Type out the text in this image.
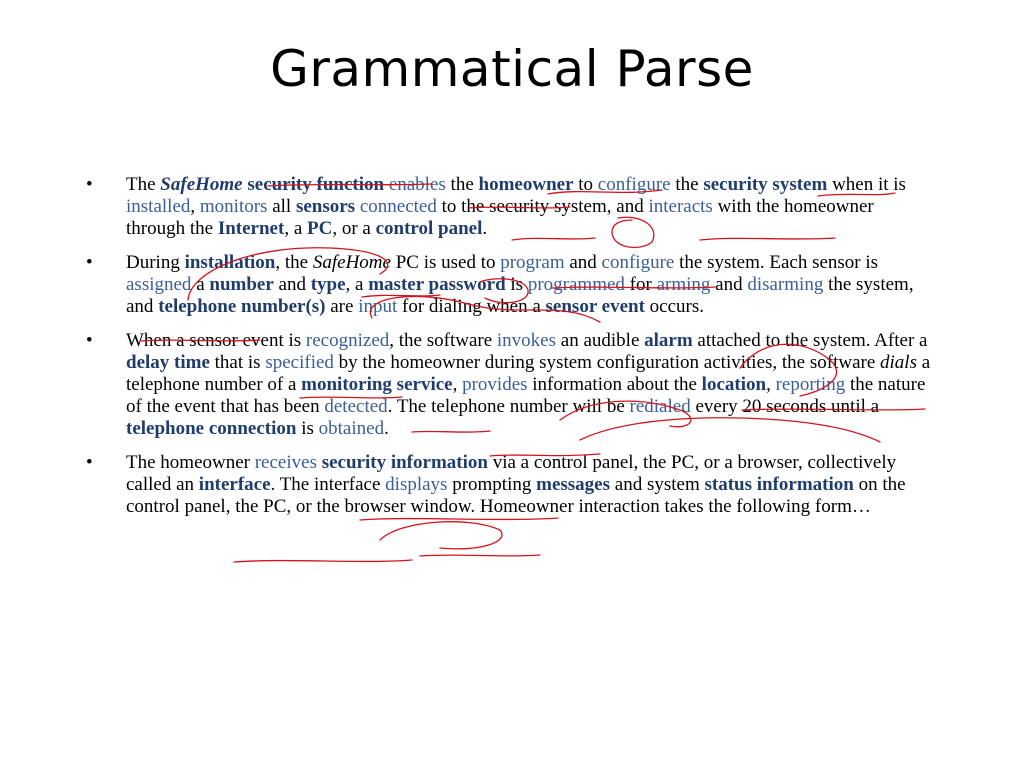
Grammatical Parse
•	The SafeHome security function enables the homeowner to configure the security system when it is installed, monitors all sensors connected to the security system, and interacts with the homeowner through the Internet, a PC, or a control panel.
•	During installation, the SafeHome PC is used to program and configure the system. Each sensor is assigned a number and type, a master password is programmed for arming and disarming the system, and telephone number(s) are input for dialing when a sensor event occurs.
•	When a sensor event is recognized, the software invokes an audible alarm attached to the system. After a delay time that is specified by the homeowner during system configuration activities, the software dials a telephone number of a monitoring service, provides information about the location, reporting the nature of the event that has been detected. The telephone number will be redialed every 20 seconds until a telephone connection is obtained.
•	The homeowner receives security information via a control panel, the PC, or a browser, collectively called an interface. The interface displays prompting messages and system status information on the control panel, the PC, or the browser window. Homeowner interaction takes the following form…
